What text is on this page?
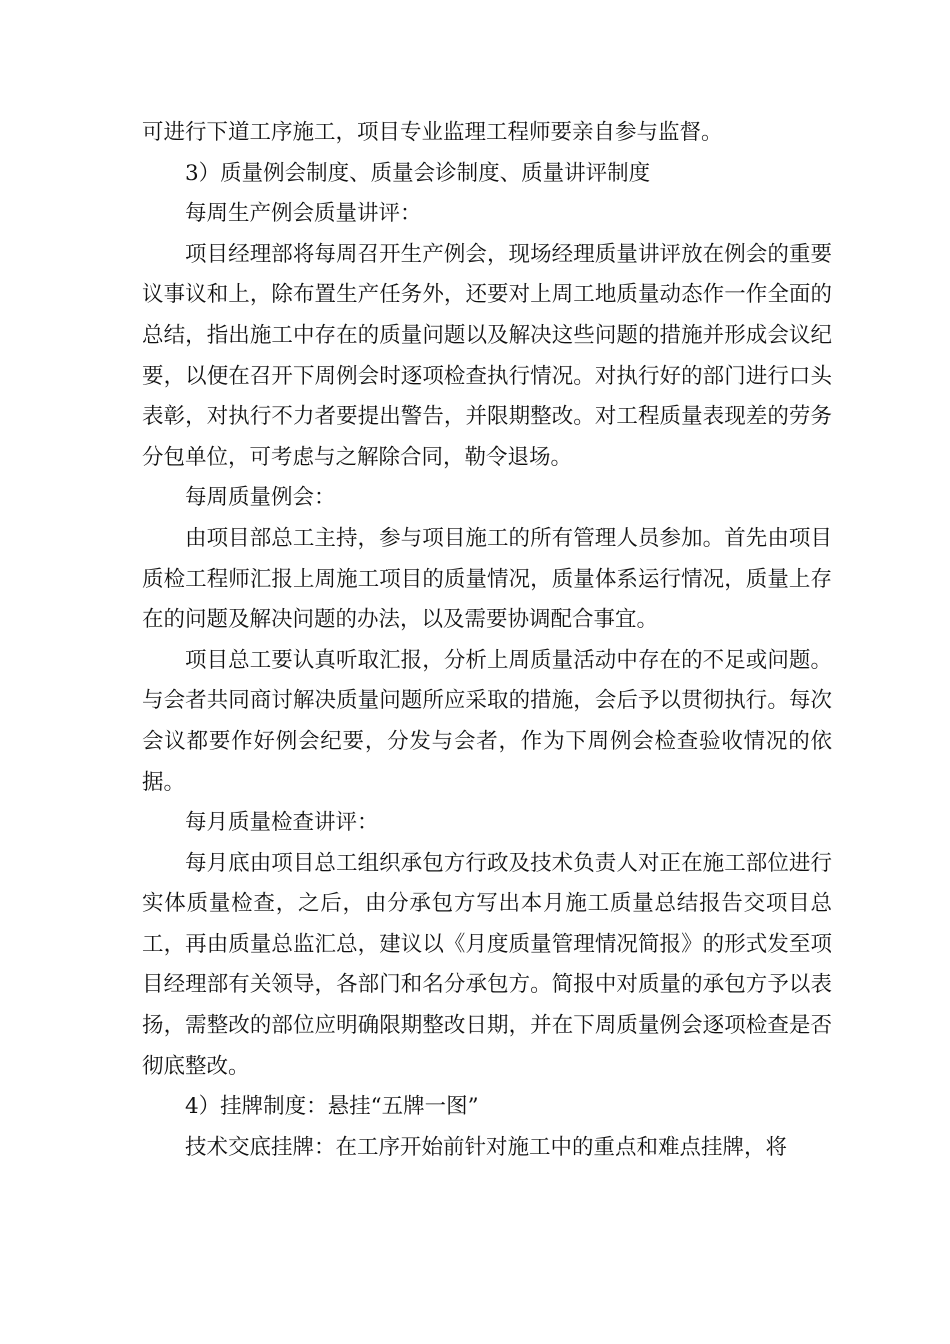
可进行下道工序施工，项目专业监理工程师要亲自参与监督。

3）质量例会制度、质量会诊制度、质量讲评制度

每周生产例会质量讲评：

项目经理部将每周召开生产例会，现场经理质量讲评放在例会的重要议事议和上，除布置生产任务外，还要对上周工地质量动态作一作全面的总结，指出施工中存在的质量问题以及解决这些问题的措施并形成会议纪要，以便在召开下周例会时逐项检查执行情况。对执行好的部门进行口头表彰，对执行不力者要提出警告，并限期整改。对工程质量表现差的劳务分包单位，可考虑与之解除合同，勒令退场。

每周质量例会：

由项目部总工主持，参与项目施工的所有管理人员参加。首先由项目质检工程师汇报上周施工项目的质量情况，质量体系运行情况，质量上存在的问题及解决问题的办法，以及需要协调配合事宜。

项目总工要认真听取汇报，分析上周质量活动中存在的不足或问题。与会者共同商讨解决质量问题所应采取的措施，会后予以贯彻执行。每次会议都要作好例会纪要，分发与会者，作为下周例会检查验收情况的依据。

每月质量检查讲评：

每月底由项目总工组织承包方行政及技术负责人对正在施工部位进行实体质量检查，之后，由分承包方写出本月施工质量总结报告交项目总工，再由质量总监汇总，建议以《月度质量管理情况简报》的形式发至项目经理部有关领导，各部门和名分承包方。简报中对质量的承包方予以表扬，需整改的部位应明确限期整改日期，并在下周质量例会逐项检查是否彻底整改。

4）挂牌制度：悬挂“五牌一图”

技术交底挂牌：在工序开始前针对施工中的重点和难点挂牌，将
